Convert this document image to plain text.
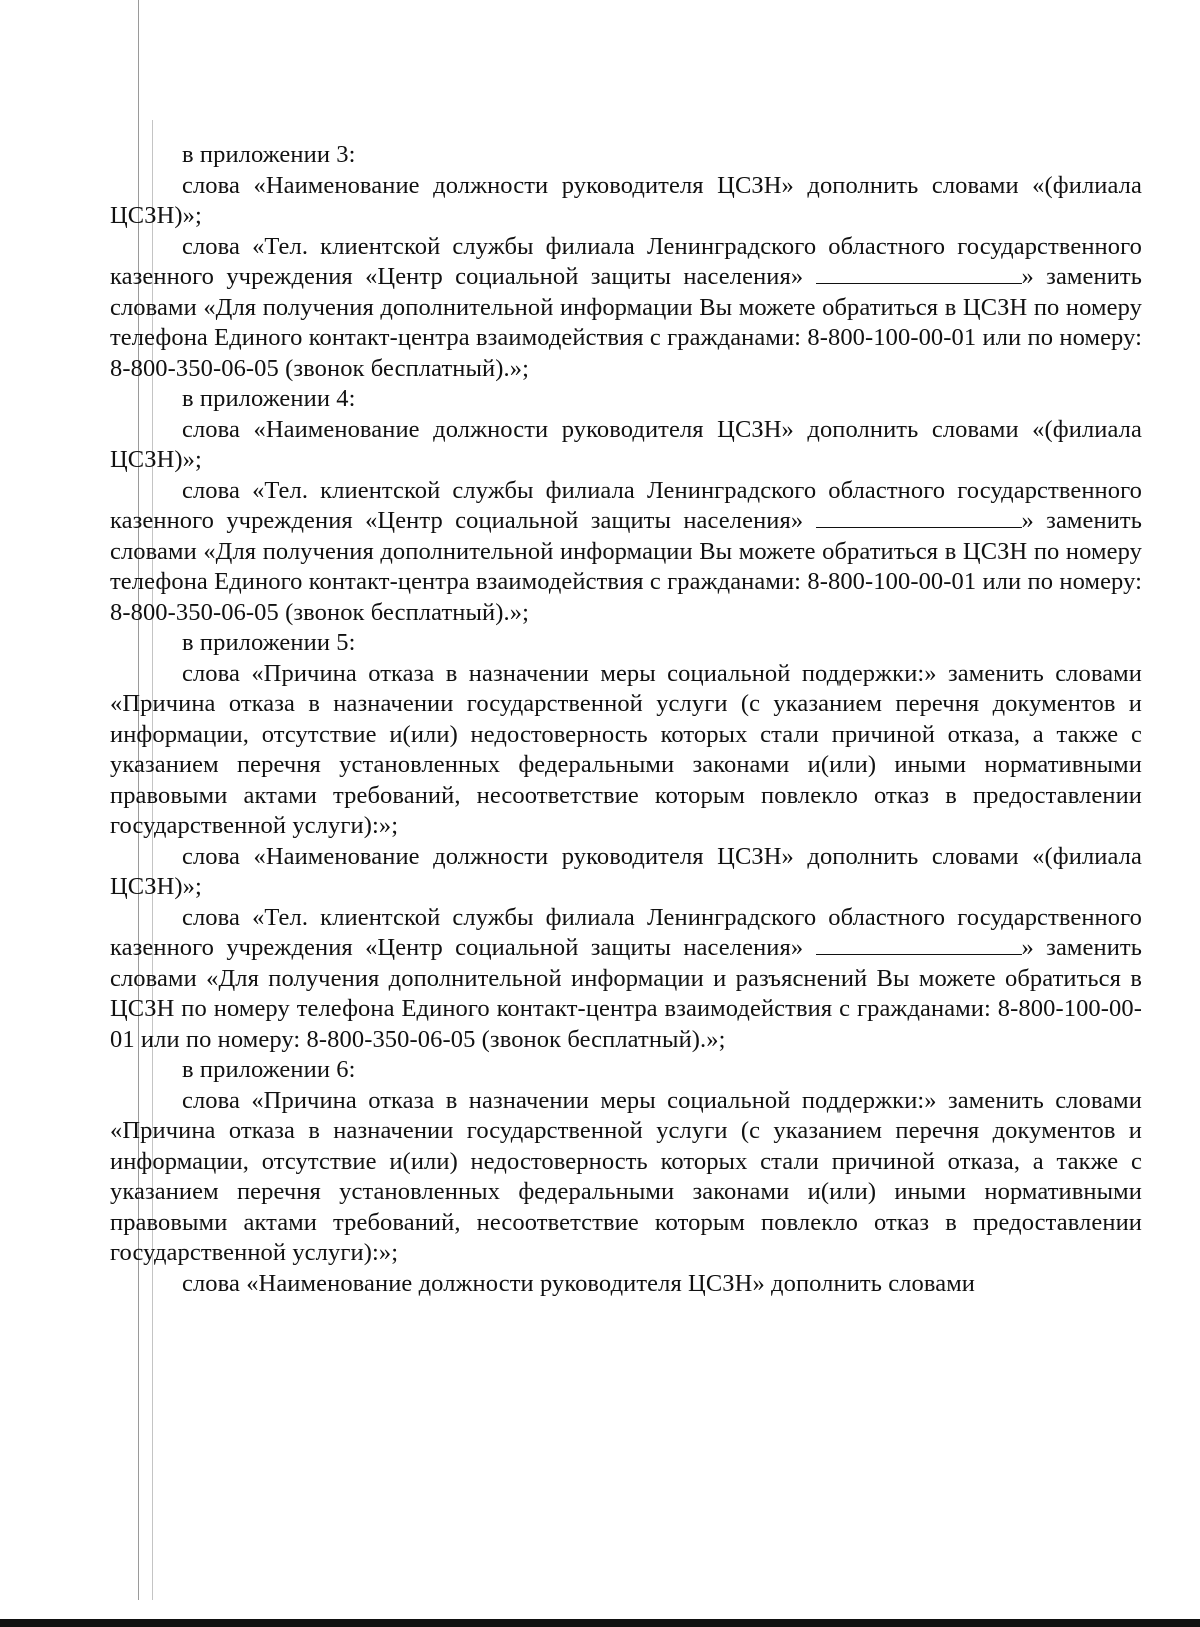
в приложении 3:

слова «Наименование должности руководителя ЦСЗН» дополнить словами «(филиала ЦСЗН)»;

слова «Тел. клиентской службы филиала Ленинградского областного государственного казенного учреждения «Центр социальной защиты населения»	» заменить словами «Для получения дополнительной информации Вы можете обратиться в ЦСЗН по номеру телефона Единого контакт-центра взаимодействия с гражданами: 8-800-100-00-01 или по номеру: 8-800-350-06-05 (звонок бесплатный).»;

в приложении 4:

слова «Наименование должности руководителя ЦСЗН» дополнить словами «(филиала ЦСЗН)»;

слова «Тел. клиентской службы филиала Ленинградского областного государственного казенного учреждения «Центр социальной защиты населения»	» заменить словами «Для получения дополнительной информации Вы можете обратиться в ЦСЗН по номеру телефона Единого контакт-центра взаимодействия с гражданами: 8-800-100-00-01 или по номеру: 8-800-350-06-05 (звонок бесплатный).»;

в приложении 5:

слова «Причина отказа в назначении меры социальной поддержки:» заменить словами «Причина отказа в назначении государственной услуги (с указанием перечня документов и информации, отсутствие и(или) недостоверность которых стали причиной отказа, а также с указанием перечня установленных федеральными законами и(или) иными нормативными правовыми актами требований, несоответствие которым повлекло отказ в предоставлении государственной услуги):»;

слова «Наименование должности руководителя ЦСЗН» дополнить словами «(филиала ЦСЗН)»;

слова «Тел. клиентской службы филиала Ленинградского областного государственного казенного учреждения «Центр социальной защиты населения»	» заменить словами «Для получения дополнительной информации и разъяснений Вы можете обратиться в ЦСЗН по номеру телефона Единого контакт-центра взаимодействия с гражданами: 8-800-100-00-01 или по номеру: 8-800-350-06-05 (звонок бесплатный).»;

в приложении 6:

слова «Причина отказа в назначении меры социальной поддержки:» заменить словами «Причина отказа в назначении государственной услуги (с указанием перечня документов и информации, отсутствие и(или) недостоверность которых стали причиной отказа, а также с указанием перечня установленных федеральными законами и(или) иными нормативными правовыми актами требований, несоответствие которым повлекло отказ в предоставлении государственной услуги):»;

слова «Наименование должности руководителя ЦСЗН» дополнить словами
